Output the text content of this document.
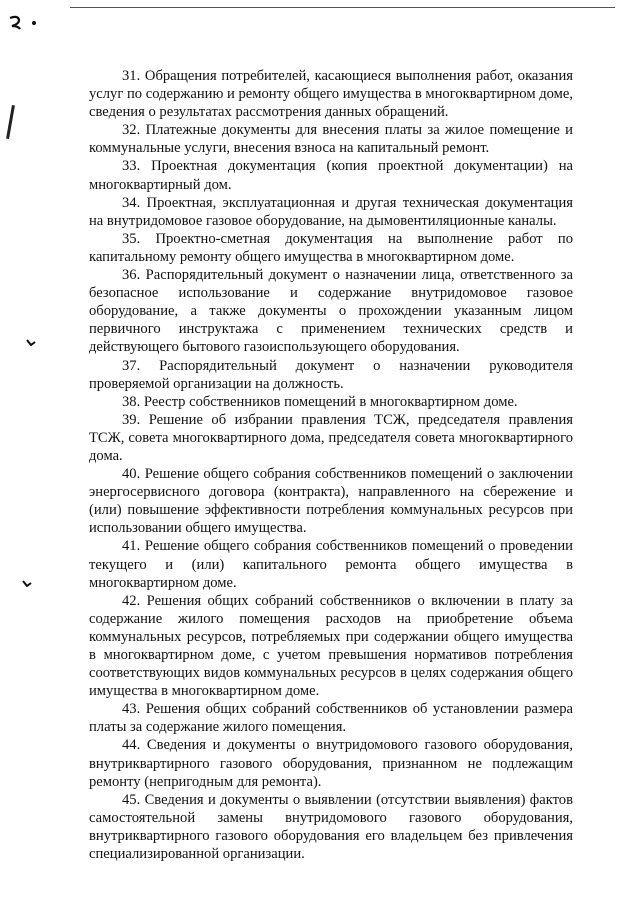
31. Обращения потребителей, касающиеся выполнения работ, оказания услуг по содержанию и ремонту общего имущества в многоквартирном доме, сведения о результатах рассмотрения данных обращений.

32. Платежные документы для внесения платы за жилое помещение и коммунальные услуги, внесения взноса на капитальный ремонт.

33. Проектная документация (копия проектной документации) на многоквартирный дом.

34. Проектная, эксплуатационная и другая техническая документация на внутридомовое газовое оборудование, на дымовентиляционные каналы.

35. Проектно-сметная документация на выполнение работ по капитальному ремонту общего имущества в многоквартирном доме.

36. Распорядительный документ о назначении лица, ответственного за безопасное использование и содержание внутридомовое газовое оборудование, а также документы о прохождении указанным лицом первичного инструктажа с применением технических средств и действующего бытового газоиспользующего оборудования.

37. Распорядительный документ о назначении руководителя проверяемой организации на должность.

38. Реестр собственников помещений в многоквартирном доме.

39. Решение об избрании правления ТСЖ, председателя правления ТСЖ, совета многоквартирного дома, председателя совета многоквартирного дома.

40. Решение общего собрания собственников помещений о заключении энергосервисного договора (контракта), направленного на сбережение и (или) повышение эффективности потребления коммунальных ресурсов при использовании общего имущества.

41. Решение общего собрания собственников помещений о проведении текущего и (или) капитального ремонта общего имущества в многоквартирном доме.

42. Решения общих собраний собственников о включении в плату за содержание жилого помещения расходов на приобретение объема коммунальных ресурсов, потребляемых при содержании общего имущества в многоквартирном доме, с учетом превышения нормативов потребления соответствующих видов коммунальных ресурсов в целях содержания общего имущества в многоквартирном доме.

43. Решения общих собраний собственников об установлении размера платы за содержание жилого помещения.

44. Сведения и документы о внутридомового газового оборудования, внутриквартирного газового оборудования, признанном не подлежащим ремонту (непригодным для ремонта).

45. Сведения и документы о выявлении (отсутствии выявления) фактов самостоятельной замены внутридомового газового оборудования, внутриквартирного газового оборудования его владельцем без привлечения специализированной организации.
